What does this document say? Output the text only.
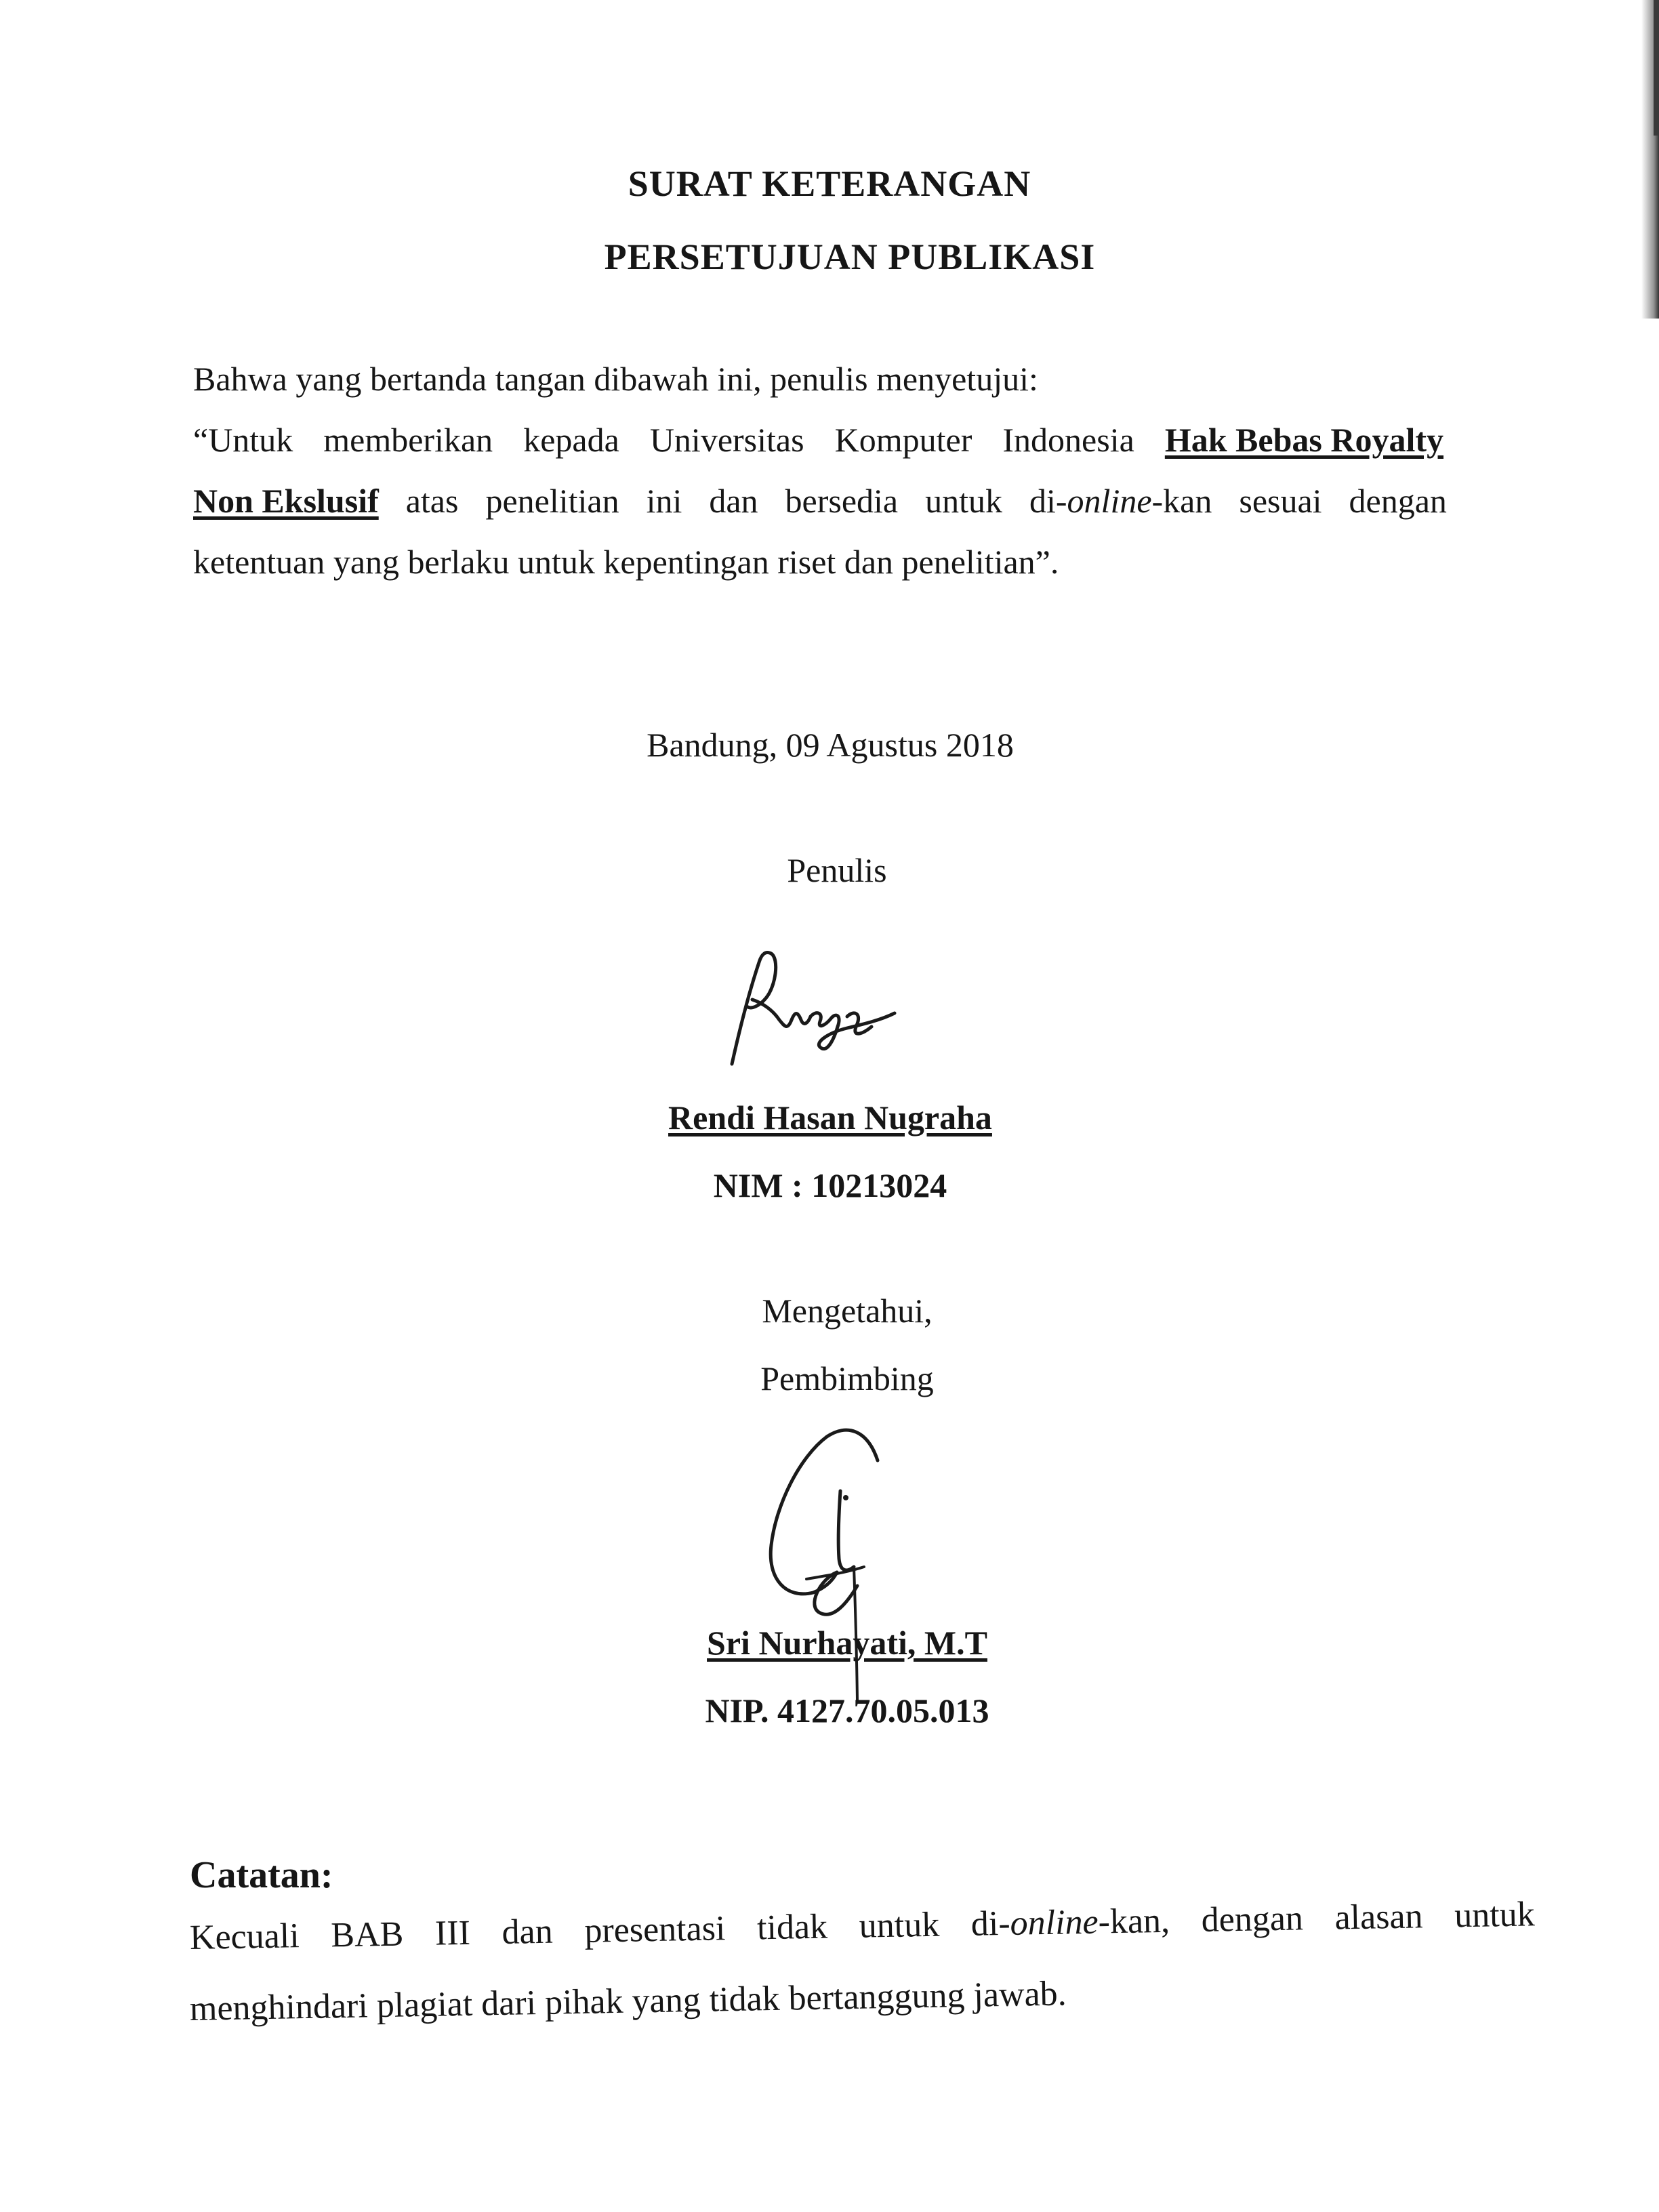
SURAT KETERANGAN
PERSETUJUAN PUBLIKASI
Bahwa yang bertanda tangan dibawah ini, penulis menyetujui:
“Untuk memberikan kepada Universitas Komputer Indonesia Hak Bebas Royalty
Non Ekslusif atas penelitian ini dan bersedia untuk di-online-kan sesuai dengan
ketentuan yang berlaku untuk kepentingan riset dan penelitian”.
Bandung, 09 Agustus 2018
Penulis
Rendi Hasan Nugraha
NIM : 10213024
Mengetahui,
Pembimbing
Sri Nurhayati, M.T
NIP. 4127.70.05.013
Catatan:
Kecuali BAB III dan presentasi tidak untuk di-online-kan, dengan alasan untuk
menghindari plagiat dari pihak yang tidak bertanggung jawab.
